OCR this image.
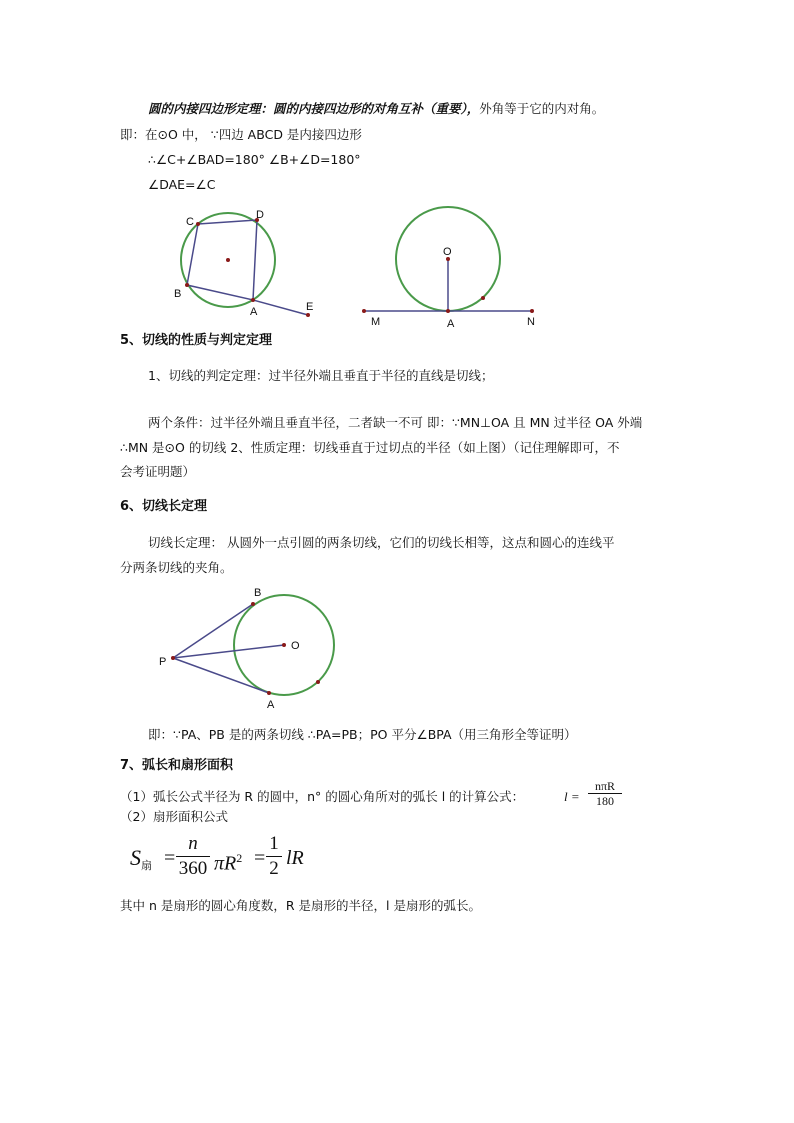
圆的内接四边形定理：圆的内接四边形的对角互补（重要），外角等于它的内对角。
即：在⊙O 中， ∵四边 ABCD 是内接四边形
∴∠C+∠BAD=180° ∠B+∠D=180°
∠DAE=∠C
C
D
B
A	E
O
M	A	N
5、切线的性质与判定定理
1、切线的判定定理：过半径外端且垂直于半径的直线是切线；
两个条件：过半径外端且垂直半径，二者缺一不可 即：∵MN⊥OA 且 MN 过半径 OA 外端
∴MN 是⊙O 的切线 2、性质定理：切线垂直于过切点的半径（如上图）（记住理解即可，不
会考证明题）
6、切线长定理
切线长定理： 从圆外一点引圆的两条切线，它们的切线长相等，这点和圆心的连线平
分两条切线的夹角。
B
O
P
A
即：∵PA、PB 是的两条切线 ∴PA=PB；PO 平分∠BPA（用三角形全等证明）
7、弧长和扇形面积
（1）弧长公式半径为 R 的圆中，n° 的圆心角所对的弧长 l 的计算公式：	l =
nπR
180
（2）扇形面积公式
S扇 = $\frac{n}{360} \pi R^2 = \frac{1}{2}$ lR
其中 n 是扇形的圆心角度数，R 是扇形的半径，l 是扇形的弧长。
